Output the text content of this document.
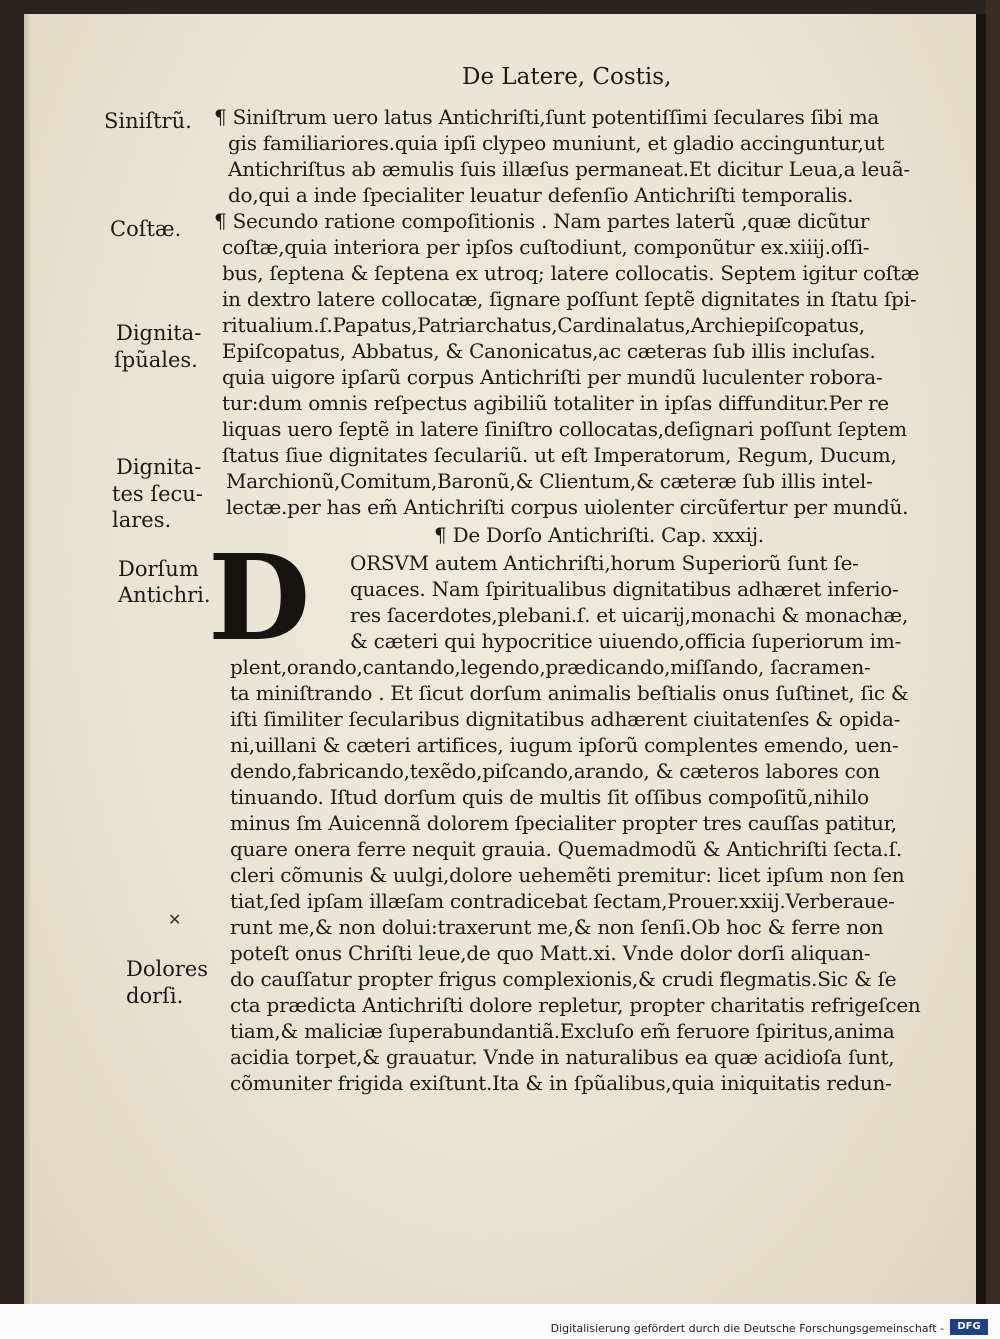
De Latere, Costis,
Siniſtrũ.
Coſtæ.
Dignita-
ſpũales.
Dignita-
tes ſecu-
lares.
Dorſum
Antichri.
Dolores
dorſi.
✕
D
¶ Siniſtrum uero latus Antichriſti,ſunt potentiſſimi ſeculares ſibi ma
gis familiariores.quia ipſi clypeo muniunt, et gladio accinguntur,ut
Antichriſtus ab æmulis ſuis illæſus permaneat.Et dicitur Leua,a leuã-
do,qui a inde ſpecialiter leuatur defenſio Antichriſti temporalis.
¶ Secundo ratione compoſitionis . Nam partes laterũ ,quæ dicũtur
coſtæ,quia interiora per ipſos cuſtodiunt, componũtur ex.xiiij.oſſi-
bus, ſeptena & ſeptena ex utroq; latere collocatis. Septem igitur coſtæ
in dextro latere collocatæ, ſignare poſſunt ſeptẽ dignitates in ſtatu ſpi-
ritualium.ſ.Papatus,Patriarchatus,Cardinalatus,Archiepiſcopatus,
Epiſcopatus, Abbatus, & Canonicatus,ac cæteras ſub illis incluſas.
quia uigore ipſarũ corpus Antichriſti per mundũ luculenter robora-
tur:dum omnis reſpectus agibiliũ totaliter in ipſas diffunditur.Per re
liquas uero ſeptẽ in latere ſiniſtro collocatas,deſignari poſſunt ſeptem
ſtatus ſiue dignitates ſeculariũ. ut eſt Imperatorum, Regum, Ducum,
Marchionũ,Comitum,Baronũ,& Clientum,& cæteræ ſub illis intel-
lectæ.per has em̃ Antichriſti corpus uiolenter circũfertur per mundũ.
¶ De Dorſo Antichriſti. Cap. xxxij.
ORSVM autem Antichriſti,horum Superiorũ ſunt ſe-
quaces. Nam ſpiritualibus dignitatibus adhæret inferio-
res ſacerdotes,plebani.ſ. et uicarij,monachi & monachæ,
& cæteri qui hypocritice uiuendo,officia ſuperiorum im-
plent,orando,cantando,legendo,prædicando,miſſando, ſacramen-
ta miniſtrando . Et ſicut dorſum animalis beſtialis onus ſuſtinet, ſic &
iſti ſimiliter ſecularibus dignitatibus adhærent ciuitatenſes & opida-
ni,uillani & cæteri artifices, iugum ipſorũ complentes emendo, uen-
dendo,fabricando,texẽdo,piſcando,arando, & cæteros labores con
tinuando. Iſtud dorſum quis de multis ſit oſſibus compoſitũ,nihilo
minus ſm Auicennã dolorem ſpecialiter propter tres cauſſas patitur,
quare onera ferre nequit grauia. Quemadmodũ & Antichriſti ſecta.ſ.
cleri cõmunis & uulgi,dolore uehemẽti premitur: licet ipſum non ſen
tiat,ſed ipſam illæſam contradicebat ſectam,Prouer.xxiij.Verberaue-
runt me,& non dolui:traxerunt me,& non ſenſi.Ob hoc & ferre non
poteſt onus Chriſti leue,de quo Matt.xi. Vnde dolor dorſi aliquan-
do cauſſatur propter frigus complexionis,& crudi flegmatis.Sic & ſe
cta prædicta Antichriſti dolore repletur, propter charitatis refrigeſcen
tiam,& maliciæ ſuperabundantiã.Excluſo em̃ feruore ſpiritus,anima
acidia torpet,& grauatur. Vnde in naturalibus ea quæ acidioſa ſunt,
cõmuniter frigida exiſtunt.Ita & in ſpũalibus,quia iniquitatis redun-
Digitalisierung gefördert durch die Deutsche Forschungsgemeinschaft -	DFG
